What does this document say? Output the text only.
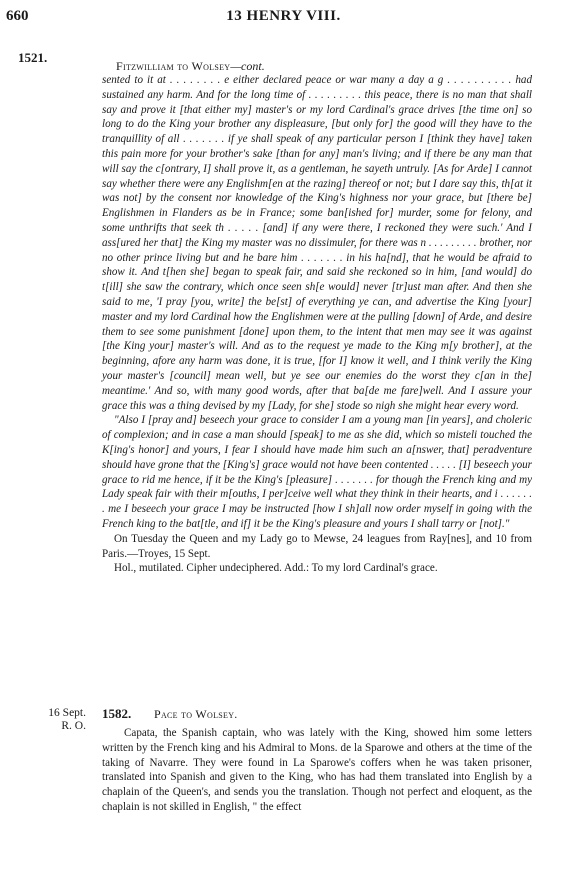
660	13 HENRY VIII.
1521.
Fitzwilliam to Wolsey—cont.

sented to it at . . . . . . . . e either declared peace or war many a day a g . . . . . . . . . . had sustained any harm. And for the long time of . . . . . . . . . this peace, there is no man that shall say and prove it [that either my] master's or my lord Cardinal's grace drives [the time on] so long to do the King your brother any displeasure, [but only for] the good will they have to the tranquillity of all . . . . . . . if ye shall speak of any particular person I [think they have] taken this pain more for your brother's sake [than for any] man's living; and if there be any man that will say the c[ontrary, I] shall prove it, as a gentleman, he sayeth untruly. [As for Arde] I cannot say whether there were any Englishm[en at the razing] thereof or not; but I dare say this, th[at it was not] by the consent nor knowledge of the King's highness nor your grace, but [there be] Englishmen in Flanders as be in France; some ban[ished for] murder, some for felony, and some unthrifts that seek th . . . . . [and] if any were there, I reckoned they were such.' And I ass[ured her that] the King my master was no dissimuler, for there was n . . . . . . . . . brother, nor no other prince living but and he bare him . . . . . . . in his ha[nd], that he would be afraid to show it. And t[hen she] began to speak fair, and said she reckoned so in him, [and would] do t[ill] she saw the contrary, which once seen sh[e would] never [tr]ust man after. And then she said to me, 'I pray [you, write] the be[st] of everything ye can, and advertise the King [your] master and my lord Cardinal how the Englishmen were at the pulling [down] of Arde, and desire them to see some punishment [done] upon them, to the intent that men may see it was against [the King your] master's will. And as to the request ye made to the King m[y brother], at the beginning, afore any harm was done, it is true, [for I] know it well, and I think verily the King your master's [council] mean well, but ye see our enemies do the worst they c[an in the] meantime.' And so, with many good words, after that ba[de me fare]well. And I assure your grace this was a thing devised by my [Lady, for she] stode so nigh she might hear every word.

"Also I [pray and] beseech your grace to consider I am a young man [in years], and choleric of complexion; and in case a man should [speak] to me as she did, which so misteli touched the K[ing's honor] and yours, I fear I should have made him such an a[nswer, that] peradventure should have grone that the [King's] grace would not have been contented . . . . . [I] beseech your grace to rid me hence, if it be the King's [pleasure] . . . . . . . for though the French king and my Lady speak fair with their m[ouths, I per]ceive well what they think in their hearts, and i . . . . . . . me I beseech your grace I may be instructed [how I sh]all now order myself in going with the French king to the bat[tle, and if] it be the King's pleasure and yours I shall tarry or [not]."

On Tuesday the Queen and my Lady go to Mewse, 24 leagues from Ray[nes], and 10 from Paris.—Troyes, 15 Sept.

Hol., mutilated. Cipher undeciphered. Add.: To my lord Cardinal's grace.

16 Sept.
R. O.
1582. Pace to Wolsey.

Capata, the Spanish captain, who was lately with the King, showed him some letters written by the French king and his Admiral to Mons. de la Sparowe and others at the time of the taking of Navarre. They were found in La Sparowe's coffers when he was taken prisoner, translated into Spanish and given to the King, who has had them translated into English by a chaplain of the Queen's, and sends you the translation. Though not perfect and eloquent, as the chaplain is not skilled in English, " the effect
